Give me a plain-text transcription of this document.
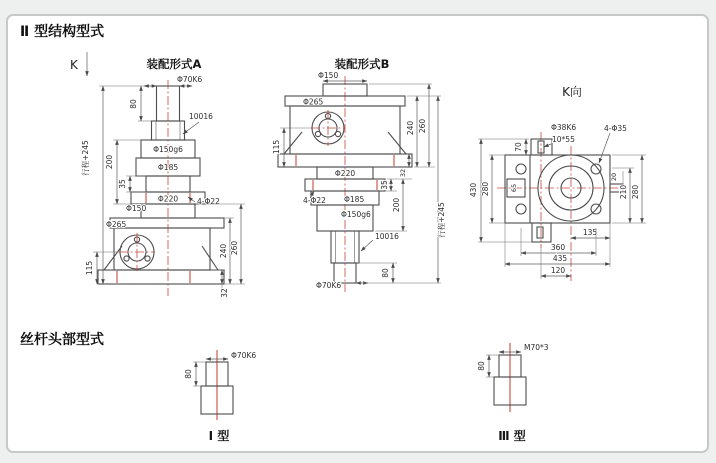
Ⅱ 型结构型式
丝杆头部型式
K	装配形式A
80
Φ70K6
10016
Φ150g6
Φ185
Φ220
35
4-Φ22
Φ150
Φ265
200
行程+245
115
240 260
32
装配形式B
Φ150
Φ265
115
Φ220
Φ185
4-Φ22
Φ150g6
10016
Φ70K6
80
35
200
32
240 260
行程+245
K向
Φ38K6
10*55
4-Φ35
70
430 280	65
20
210 280
135
360
435
120
80
Φ70K6
Ⅰ 型
80
M70*3
Ⅲ 型
